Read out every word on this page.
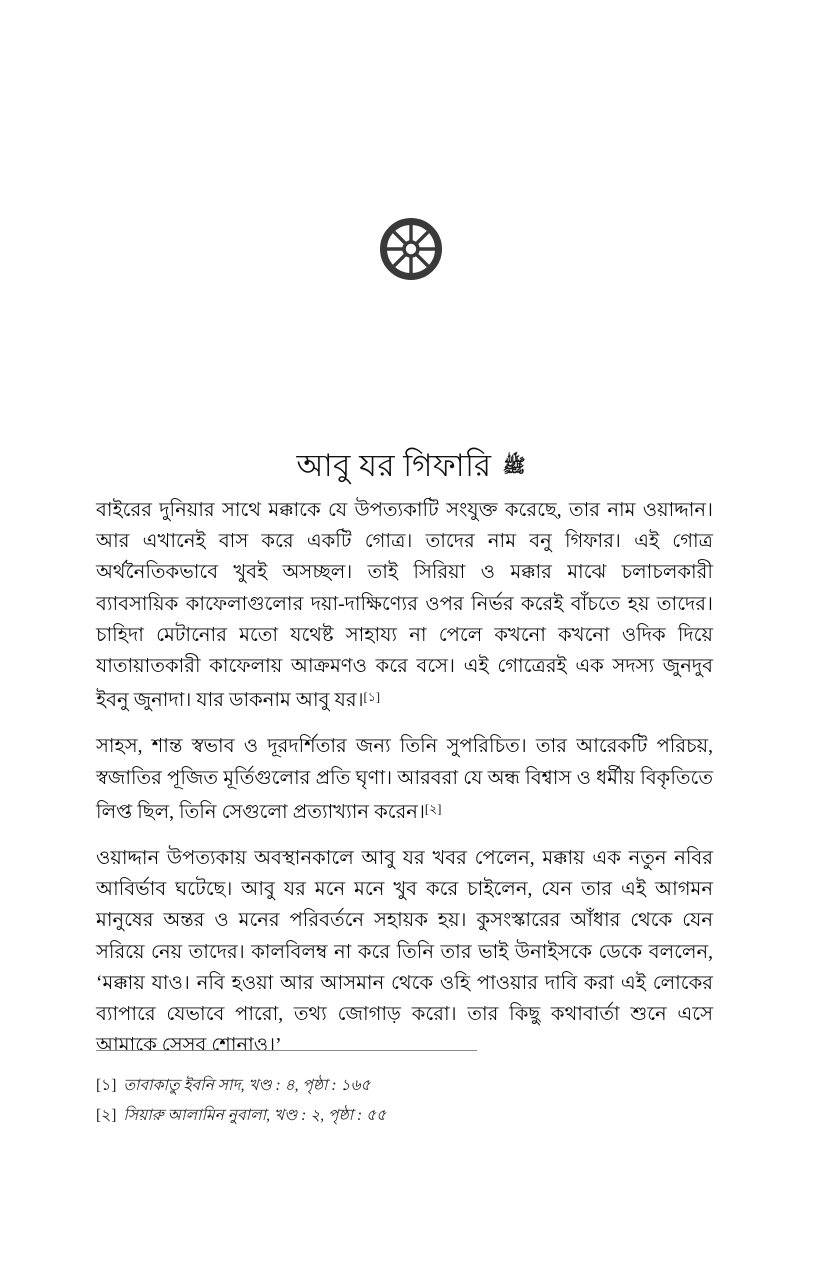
আবু যর গিফারি ﷺ

বাইরের দুনিয়ার সাথে মক্কাকে যে উপত্যকাটি সংযুক্ত করেছে, তার নাম ওয়াদ্দান। আর এখানেই বাস করে একটি গোত্র। তাদের নাম বনু গিফার। এই গোত্র অর্থনৈতিকভাবে খুবই অসচ্ছল। তাই সিরিয়া ও মক্কার মাঝে চলাচলকারী ব্যাবসায়িক কাফেলাগুলোর দয়া-দাক্ষিণ্যের ওপর নির্ভর করেই বাঁচতে হয় তাদের। চাহিদা মেটানোর মতো যথেষ্ট সাহায্য না পেলে কখনো কখনো ওদিক দিয়ে যাতায়াতকারী কাফেলায় আক্রমণও করে বসে। এই গোত্রেরই এক সদস্য জুনদুব ইবনু জুনাদা। যার ডাকনাম আবু যর।[১]

সাহস, শান্ত স্বভাব ও দূরদর্শিতার জন্য তিনি সুপরিচিত। তার আরেকটি পরিচয়, স্বজাতির পূজিত মূর্তিগুলোর প্রতি ঘৃণা। আরবরা যে অন্ধ বিশ্বাস ও ধর্মীয় বিকৃতিতে লিপ্ত ছিল, তিনি সেগুলো প্রত্যাখ্যান করেন।[২]

ওয়াদ্দান উপত্যকায় অবস্থানকালে আবু যর খবর পেলেন, মক্কায় এক নতুন নবির আবির্ভাব ঘটেছে। আবু যর মনে মনে খুব করে চাইলেন, যেন তার এই আগমন মানুষের অন্তর ও মনের পরিবর্তনে সহায়ক হয়। কুসংস্কারের আঁধার থেকে যেন সরিয়ে নেয় তাদের। কালবিলম্ব না করে তিনি তার ভাই উনাইসকে ডেকে বললেন, ‘মক্কায় যাও। নবি হওয়া আর আসমান থেকে ওহি পাওয়ার দাবি করা এই লোকের ব্যাপারে যেভাবে পারো, তথ্য জোগাড় করো। তার কিছু কথাবার্তা শুনে এসে আমাকে সেসব শোনাও।’

[১] তাবাকাতু ইবনি সাদ, খণ্ড : ৪, পৃষ্ঠা : ১৬৫
[২] সিয়ারু আলামিন নুবালা, খণ্ড : ২, পৃষ্ঠা : ৫৫
